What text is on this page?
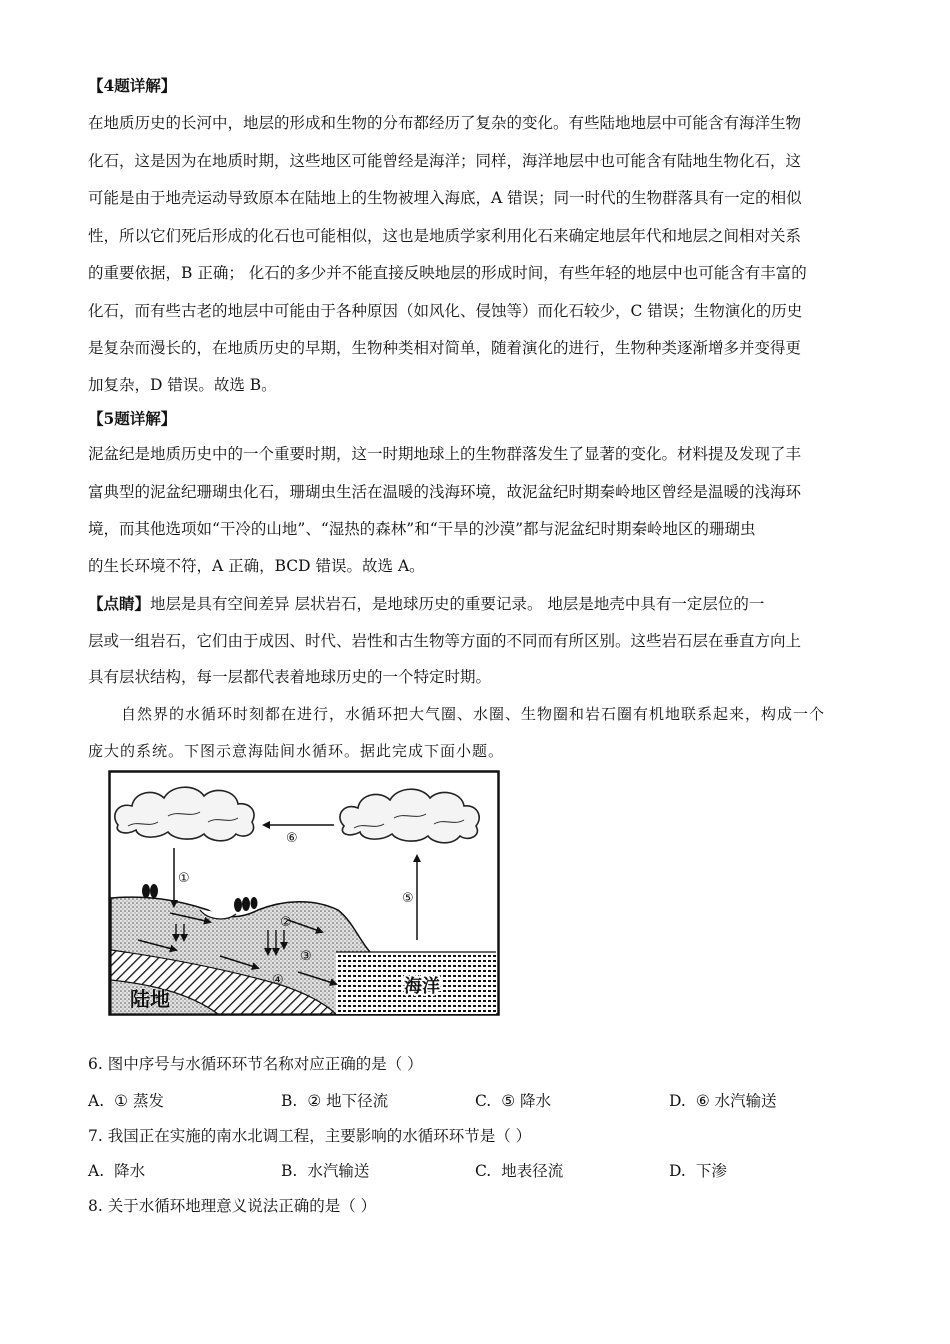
【4题详解】
在地质历史的长河中，地层的形成和生物的分布都经历了复杂的变化。有些陆地地层中可能含有海洋生物
化石，这是因为在地质时期，这些地区可能曾经是海洋；同样，海洋地层中也可能含有陆地生物化石，这
可能是由于地壳运动导致原本在陆地上的生物被埋入海底，A 错误；同一时代的生物群落具有一定的相似
性，所以它们死后形成的化石也可能相似，这也是地质学家利用化石来确定地层年代和地层之间相对关系
的重要依据，B 正确； 化石的多少并不能直接反映地层的形成时间，有些年轻的地层中也可能含有丰富的
化石，而有些古老的地层中可能由于各种原因（如风化、侵蚀等）而化石较少，C 错误；生物演化的历史
是复杂而漫长的，在地质历史的早期，生物种类相对简单，随着演化的进行，生物种类逐渐增多并变得更
加复杂，D 错误。故选 B。
【5题详解】
泥盆纪是地质历史中的一个重要时期，这一时期地球上的生物群落发生了显著的变化。材料提及发现了丰
富典型的泥盆纪珊瑚虫化石，珊瑚虫生活在温暖的浅海环境，故泥盆纪时期秦岭地区曾经是温暖的浅海环
境，而其他选项如“干冷的山地”、“湿热的森林”和“干旱的沙漠”都与泥盆纪时期秦岭地区的珊瑚虫
的生长环境不符，A 正确，BCD 错误。故选 A。
【点睛】地层是具有空间差异 层状岩石，是地球历史的重要记录。 地层是地壳中具有一定层位的一
层或一组岩石，它们由于成因、时代、岩性和古生物等方面的不同而有所区别。这些岩石层在垂直方向上
具有层状结构，每一层都代表着地球历史的一个特定时期。
自然界的水循环时刻都在进行，水循环把大气圈、水圈、生物圈和岩石圈有机地联系起来，构成一个
庞大的系统。下图示意海陆间水循环。据此完成下面小题。
⑥
①
⑤
②
③
④
陆地
海洋
6. 图中序号与水循环环节名称对应正确的是（ ）
A. ① 蒸发	B. ② 地下径流	C. ⑤ 降水	D. ⑥ 水汽输送
7. 我国正在实施的南水北调工程，主要影响的水循环环节是（ ）
A. 降水	B. 水汽输送	C. 地表径流	D. 下渗
8. 关于水循环地理意义说法正确的是（ ）
